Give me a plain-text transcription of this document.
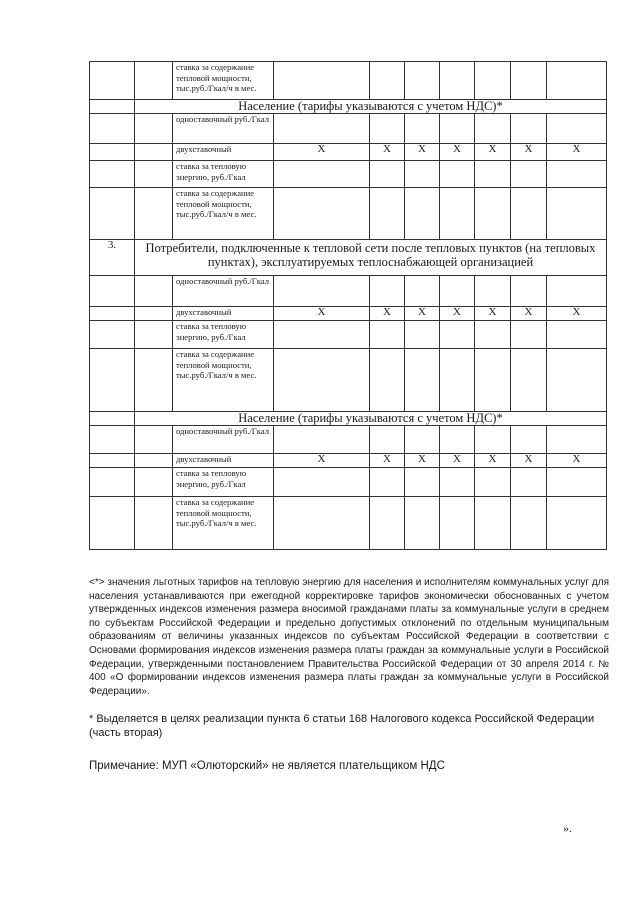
		ставка за содержание тепловой мощности, тыс.руб./Гкал/ч в мес.							
	Население (тарифы указываются с учетом НДС)*								
		одноставочный руб./Гкал							
		двухставочный	X	X	X	X	X	X	X
		ставка за тепловую энергию, руб./Гкал							
		ставка за содержание тепловой мощности, тыс.руб./Гкал/ч в мес.							
3.	Потребители, подключенные к тепловой сети после тепловых пунктов (на тепловых пунктах), эксплуатируемых теплоснабжающей организацией								
		одноставочный руб./Гкал							
		двухставочный	X	X	X	X	X	X	X
		ставка за тепловую энергию, руб./Гкал							
		ставка за содержание тепловой мощности, тыс.руб./Гкал/ч в мес.							
	Население (тарифы указываются с учетом НДС)*								
		одноставочный руб./Гкал							
		двухставочный	X	X	X	X	X	X	X
		ставка за тепловую энергию, руб./Гкал							
		ставка за содержание тепловой мощности, тыс.руб./Гкал/ч в мес.							
<*> значения льготных тарифов на тепловую энергию для населения и исполнителям коммунальных услуг для населения устанавливаются при ежегодной корректировке тарифов экономически обоснованных с учетом утвержденных индексов изменения размера вносимой гражданами платы за коммунальные услуги в среднем по субъектам Российской Федерации и предельно допустимых отклонений по отдельным муниципальным образованиям от величины указанных индексов по субъектам Российской Федерации в соответствии с Основами формирования индексов изменения размера платы граждан за коммунальные услуги в Российской Федерации, утвержденными постановлением Правительства Российской Федерации от 30 апреля 2014 г. № 400 «О формировании индексов изменения размера платы граждан за коммунальные услуги в Российской Федерации».
* Выделяется в целях реализации пункта 6 статьи 168 Налогового кодекса Российской Федерации (часть вторая)
Примечание: МУП «Олюторский» не является плательщиком НДС
».
